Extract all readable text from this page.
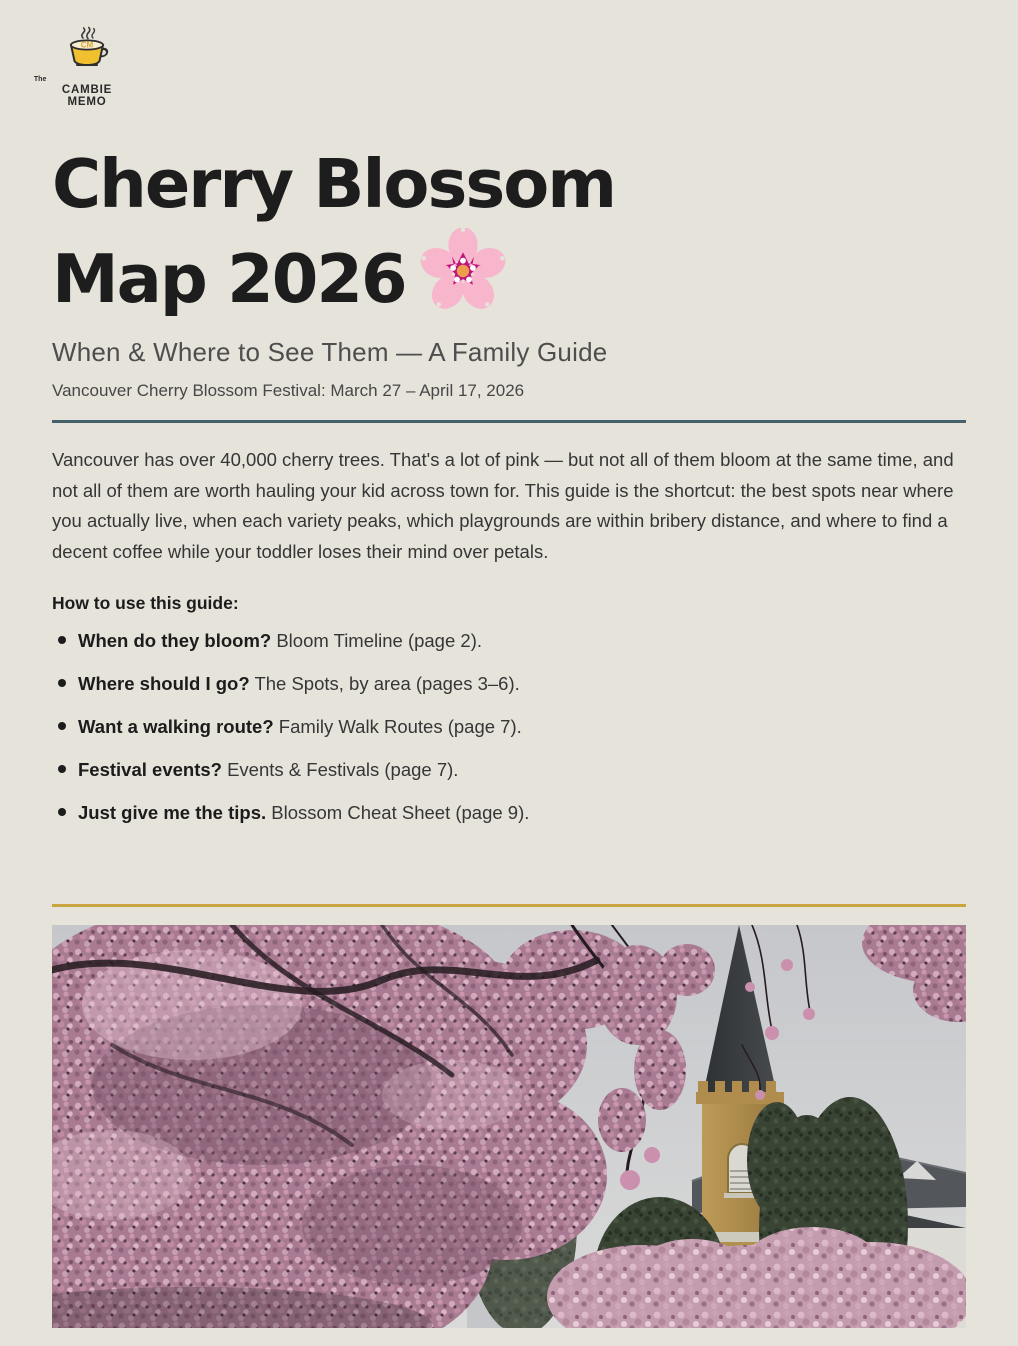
CM
The
CAMBIE
MEMO
Cherry Blossom
Map 2026
When & Where to See Them — A Family Guide
Vancouver Cherry Blossom Festival: March 27 – April 17, 2026

Vancouver has over 40,000 cherry trees. That's a lot of pink — but not all of them bloom at the same time, and not all of them are worth hauling your kid across town for. This guide is the shortcut: the best spots near where you actually live, when each variety peaks, which playgrounds are within bribery distance, and where to find a decent coffee while your toddler loses their mind over petals.

How to use this guide:
When do they bloom? Bloom Timeline (page 2).
Where should I go? The Spots, by area (pages 3–6).
Want a walking route? Family Walk Routes (page 7).
Festival events? Events & Festivals (page 7).
Just give me the tips. Blossom Cheat Sheet (page 9).
